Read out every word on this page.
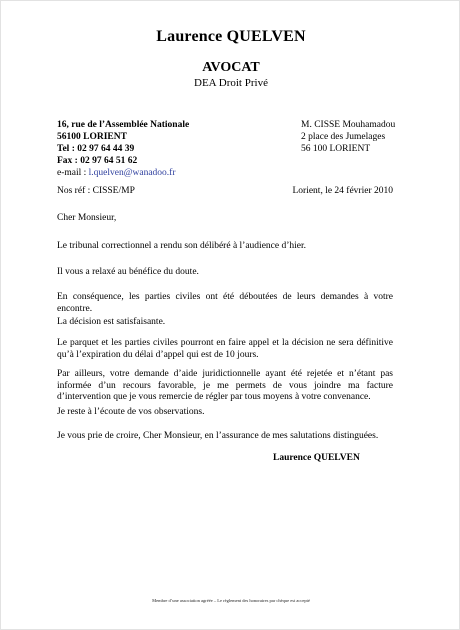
Laurence QUELVEN
AVOCAT
DEA Droit Privé
16, rue de l’Assemblée Nationale
56100 LORIENT
Tel : 02 97 64 44 39
Fax : 02 97 64 51 62
e-mail : l.quelven@wanadoo.fr
M. CISSE Mouhamadou
2 place des Jumelages
56 100 LORIENT
Nos réf : CISSE/MP	Lorient, le 24 février 2010
Cher Monsieur,

Le tribunal correctionnel a rendu son délibéré à l’audience d’hier.

Il vous a relaxé au bénéfice du doute.

En conséquence, les parties civiles ont été déboutées de leurs demandes à votre encontre.

La décision est satisfaisante.

Le parquet et les parties civiles pourront en faire appel et la décision ne sera définitive qu’à l’expiration du délai d’appel qui est de 10 jours.

Par ailleurs, votre demande d’aide juridictionnelle ayant été rejetée et n’étant pas informée d’un recours favorable, je me permets de vous joindre ma facture d’intervention que je vous remercie de régler par tous moyens à votre convenance.

Je reste à l’écoute de vos observations.

Je vous prie de croire, Cher Monsieur, en l’assurance de mes salutations distinguées.

Laurence QUELVEN
Membre d’une association agréée – Le règlement des honoraires par chèque est accepté
